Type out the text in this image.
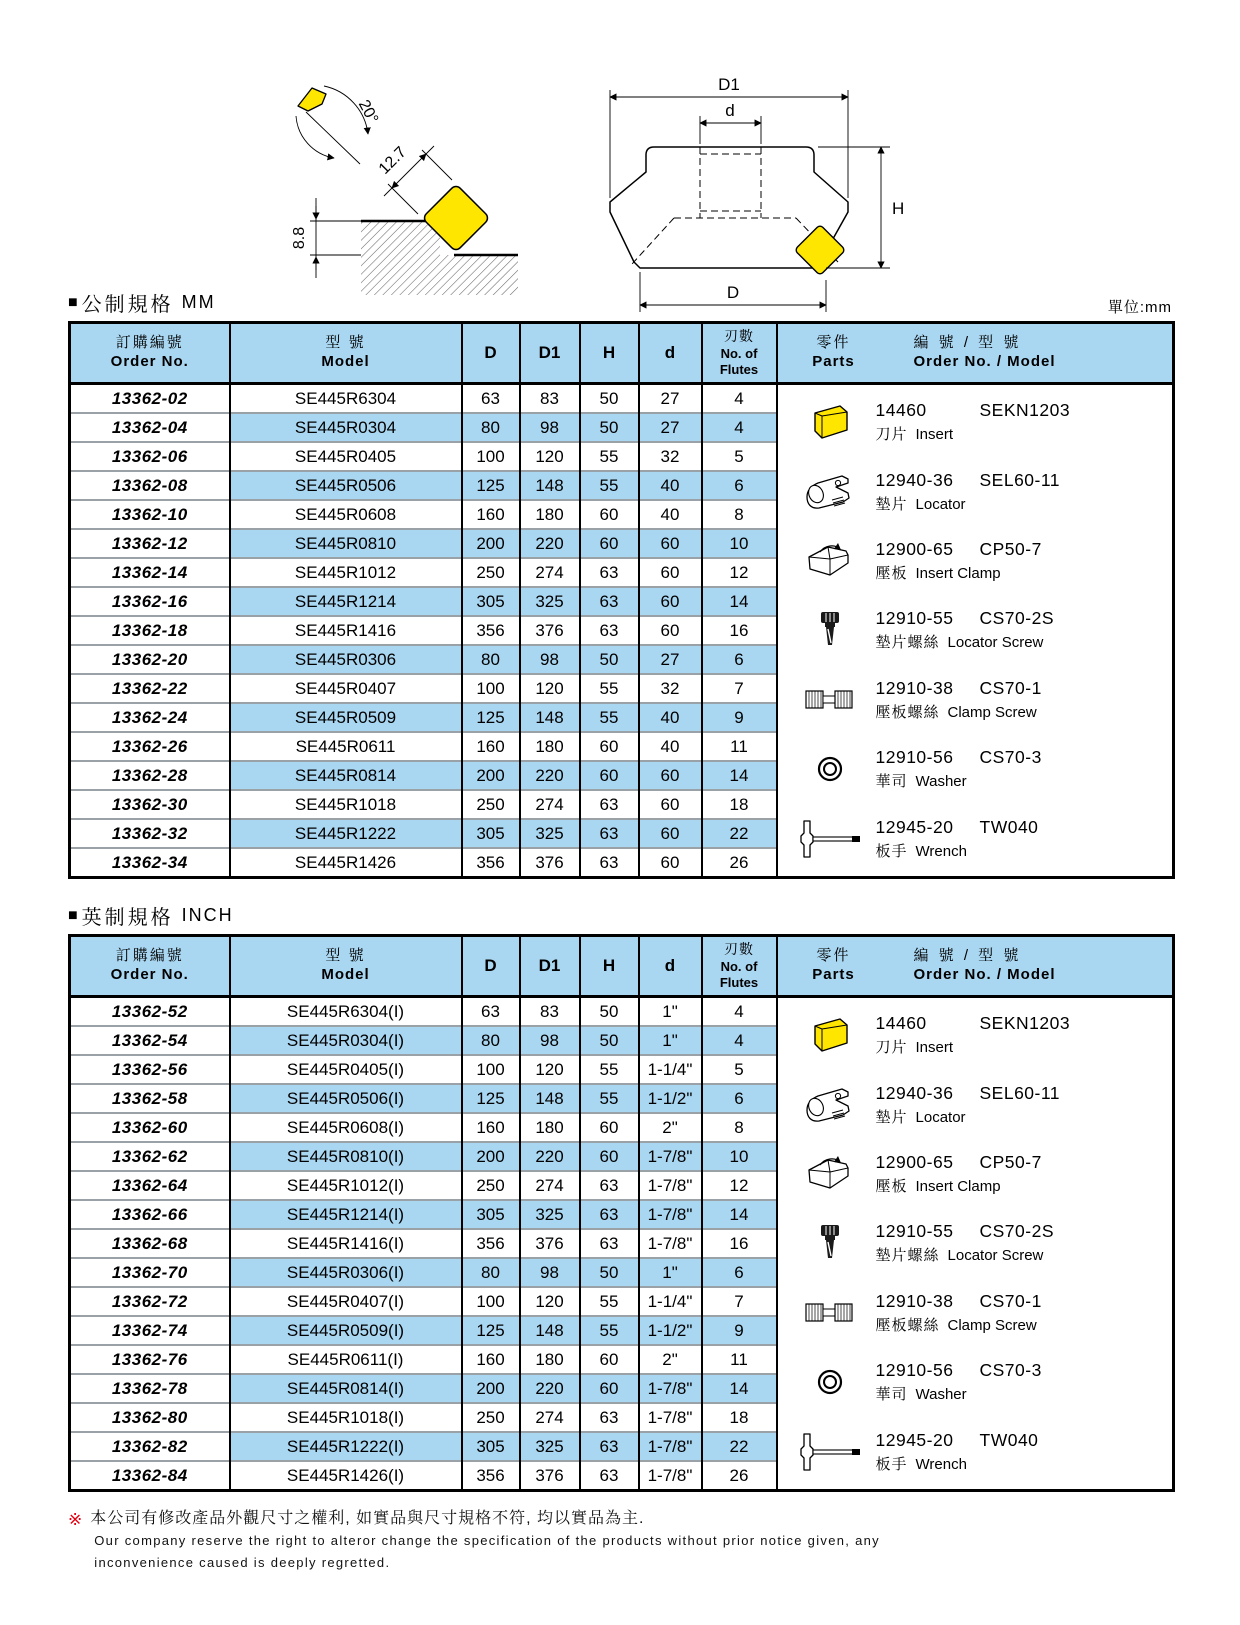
20°
12.7
8.8
D1
d
H
D
■ 公制規格 MM	單位:mm
訂購編號
Order No.

型 號
Model	D	D1	H	d	
刃數
No. of
Flutes

零件
Parts
編 號 / 型 號
Order No. / Model

13362-02	SE445R6304	63	83	50	27	4	
14460	SEKN1203
刀片 Insert
12940-36 SEL60-11
墊片 Locator
12900-65 CP50-7
壓板 Insert Clamp
12910-55 CS70-2S
墊片螺絲 Locator Screw
12910-38 CS70-1
壓板螺絲 Clamp Screw
12910-56 CS70-3
華司 Washer
12945-20 TW040
板手 Wrench

13362-04	SE445R0304	80	98	50	27	4	
13362-06	SE445R0405	100	120	55	32	5	
13362-08	SE445R0506	125	148	55	40	6	
13362-10	SE445R0608	160	180	60	40	8	
13362-12	SE445R0810	200	220	60	60	10	
13362-14	SE445R1012	250	274	63	60	12	
13362-16	SE445R1214	305	325	63	60	14	
13362-18	SE445R1416	356	376	63	60	16	
13362-20	SE445R0306	80	98	50	27	6	
13362-22	SE445R0407	100	120	55	32	7	
13362-24	SE445R0509	125	148	55	40	9	
13362-26	SE445R0611	160	180	60	40	11	
13362-28	SE445R0814	200	220	60	60	14	
13362-30	SE445R1018	250	274	63	60	18	
13362-32	SE445R1222	305	325	63	60	22	
13362-34	SE445R1426	356	376	63	60	26	
■ 英制規格 INCH
訂購編號
Order No.

型 號
Model	D	D1	H	d	
刃數
No. of
Flutes

零件
Parts
編 號 / 型 號
Order No. / Model

13362-52	SE445R6304(I)	63	83	50	1"	4	
14460	SEKN1203
刀片 Insert
12940-36 SEL60-11
墊片 Locator
12900-65 CP50-7
壓板 Insert Clamp
12910-55 CS70-2S
墊片螺絲 Locator Screw
12910-38 CS70-1
壓板螺絲 Clamp Screw
12910-56 CS70-3
華司 Washer
12945-20 TW040
板手 Wrench

13362-54	SE445R0304(I)	80	98	50	1"	4	
13362-56	SE445R0405(I)	100	120	55	1-1/4"	5	
13362-58	SE445R0506(I)	125	148	55	1-1/2"	6	
13362-60	SE445R0608(I)	160	180	60	2"	8	
13362-62	SE445R0810(I)	200	220	60	1-7/8"	10	
13362-64	SE445R1012(I)	250	274	63	1-7/8"	12	
13362-66	SE445R1214(I)	305	325	63	1-7/8"	14	
13362-68	SE445R1416(I)	356	376	63	1-7/8"	16	
13362-70	SE445R0306(I)	80	98	50	1"	6	
13362-72	SE445R0407(I)	100	120	55	1-1/4"	7	
13362-74	SE445R0509(I)	125	148	55	1-1/2"	9	
13362-76	SE445R0611(I)	160	180	60	2"	11	
13362-78	SE445R0814(I)	200	220	60	1-7/8"	14	
13362-80	SE445R1018(I)	250	274	63	1-7/8"	18	
13362-82	SE445R1222(I)	305	325	63	1-7/8"	22	
13362-84	SE445R1426(I)	356	376	63	1-7/8"	26	
※ 本公司有修改產品外觀尺寸之權利, 如實品與尺寸規格不符, 均以實品為主.
Our company reserve the right to alteror change the specification of the products without prior notice given, any
inconvenience caused is deeply regretted.
